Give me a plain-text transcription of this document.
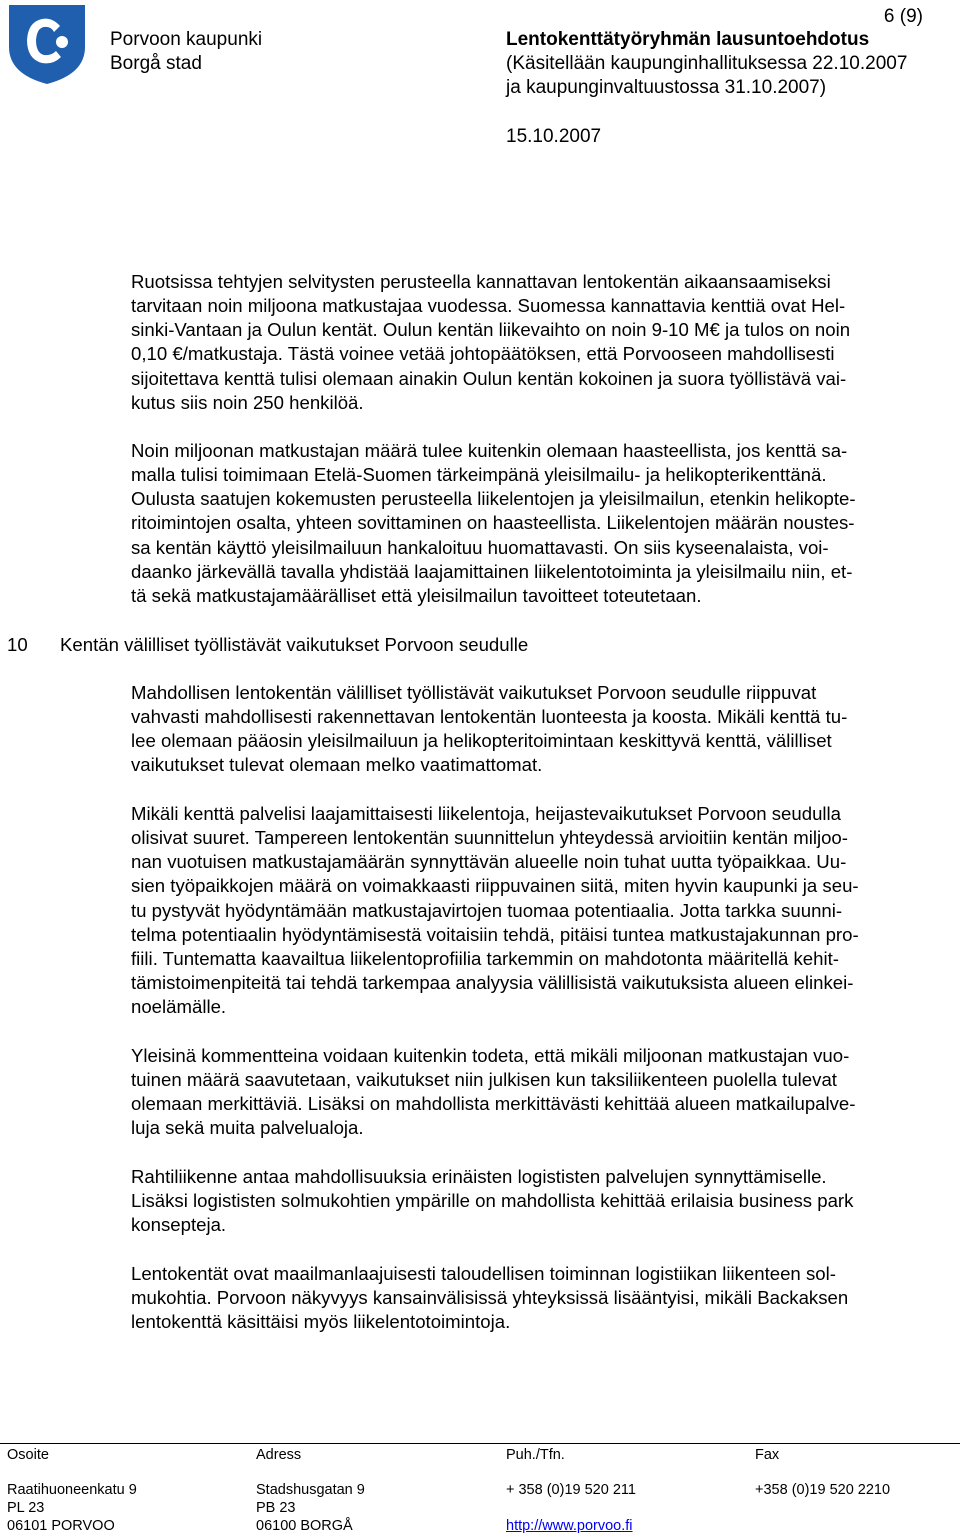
Porvoon kaupunki
Borgå stad
6 (9)
Lentokenttätyöryhmän lausuntoehdotus
(Käsitellään kaupunginhallituksessa 22.10.2007
ja kaupunginvaltuustossa 31.10.2007)
15.10.2007
Ruotsissa tehtyjen selvitysten perusteella kannattavan lentokentän aikaansaamiseksi
tarvitaan noin miljoona matkustajaa vuodessa. Suomessa kannattavia kenttiä ovat Hel-
sinki-Vantaan ja Oulun kentät. Oulun kentän liikevaihto on noin 9-10 M€ ja tulos on noin
0,10 €/matkustaja. Tästä voinee vetää johtopäätöksen, että Porvooseen mahdollisesti
sijoitettava kenttä tulisi olemaan ainakin Oulun kentän kokoinen ja suora työllistävä vai-
kutus siis noin 250 henkilöä.
Noin miljoonan matkustajan määrä tulee kuitenkin olemaan haasteellista, jos kenttä sa-
malla tulisi toimimaan Etelä-Suomen tärkeimpänä yleisilmailu- ja helikopterikenttänä.
Oulusta saatujen kokemusten perusteella liikelentojen ja yleisilmailun, etenkin helikopte-
ritoimintojen osalta, yhteen sovittaminen on haasteellista. Liikelentojen määrän noustes-
sa kentän käyttö yleisilmailuun hankaloituu huomattavasti. On siis kyseenalaista, voi-
daanko järkevällä tavalla yhdistää laajamittainen liikelentotoiminta ja yleisilmailu niin, et-
tä sekä matkustajamäärälliset että yleisilmailun tavoitteet toteutetaan.
10 Kentän välilliset työllistävät vaikutukset Porvoon seudulle
Mahdollisen lentokentän välilliset työllistävät vaikutukset Porvoon seudulle riippuvat
vahvasti mahdollisesti rakennettavan lentokentän luonteesta ja koosta. Mikäli kenttä tu-
lee olemaan pääosin yleisilmailuun ja helikopteritoimintaan keskittyvä kenttä, välilliset
vaikutukset tulevat olemaan melko vaatimattomat.
Mikäli kenttä palvelisi laajamittaisesti liikelentoja, heijastevaikutukset Porvoon seudulla
olisivat suuret. Tampereen lentokentän suunnittelun yhteydessä arvioitiin kentän miljoo-
nan vuotuisen matkustajamäärän synnyttävän alueelle noin tuhat uutta työpaikkaa. Uu-
sien työpaikkojen määrä on voimakkaasti riippuvainen siitä, miten hyvin kaupunki ja seu-
tu pystyvät hyödyntämään matkustajavirtojen tuomaa potentiaalia. Jotta tarkka suunni-
telma potentiaalin hyödyntämisestä voitaisiin tehdä, pitäisi tuntea matkustajakunnan pro-
fiili. Tuntematta kaavailtua liikelentoprofiilia tarkemmin on mahdotonta määritellä kehit-
tämistoimenpiteitä tai tehdä tarkempaa analyysia välillisistä vaikutuksista alueen elinkei-
noelämälle.
Yleisinä kommentteina voidaan kuitenkin todeta, että mikäli miljoonan matkustajan vuo-
tuinen määrä saavutetaan, vaikutukset niin julkisen kun taksiliikenteen puolella tulevat
olemaan merkittäviä. Lisäksi on mahdollista merkittävästi kehittää alueen matkailupalve-
luja sekä muita palvelualoja.
Rahtiliikenne antaa mahdollisuuksia erinäisten logististen palvelujen synnyttämiselle.
Lisäksi logististen solmukohtien ympärille on mahdollista kehittää erilaisia business park
konsepteja.
Lentokentät ovat maailmanlaajuisesti taloudellisen toiminnan logistiikan liikenteen sol-
mukohtia. Porvoon näkyvyys kansainvälisissä yhteyksissä lisääntyisi, mikäli Backaksen
lentokenttä käsittäisi myös liikelentotoimintoja.
Osoite
Raatihuoneenkatu 9
PL 23
06101 PORVOO
Adress
Stadshusgatan 9
PB 23
06100 BORGÅ
Puh./Tfn.
+ 358 (0)19 520 211
http://www.porvoo.fi
Fax
+358 (0)19 520 2210
